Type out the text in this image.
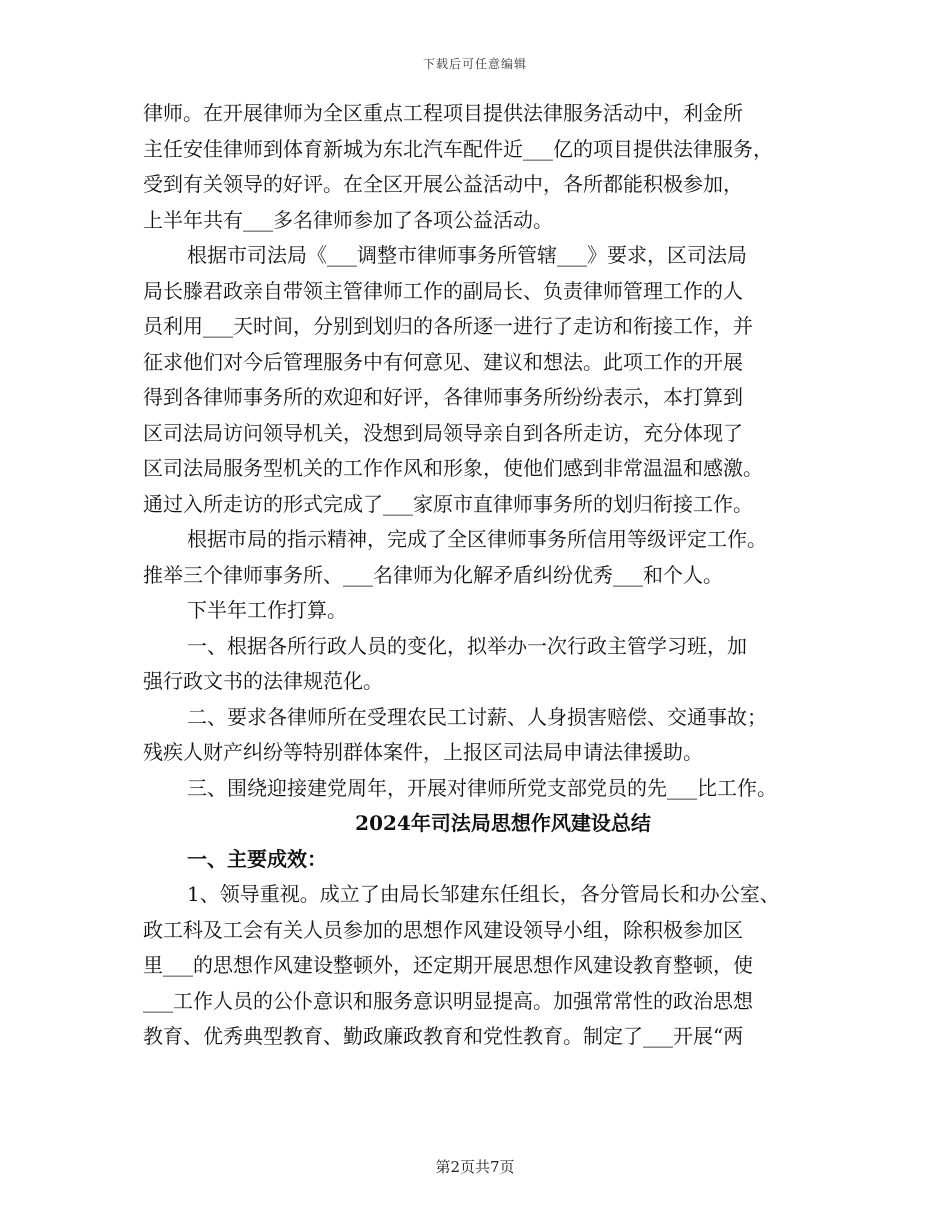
下载后可任意编辑
律师。在开展律师为全区重点工程项目提供法律服务活动中，利金所
主任安佳律师到体育新城为东北汽车配件近___亿的项目提供法律服务，
受到有关领导的好评。在全区开展公益活动中，各所都能积极参加，
上半年共有___多名律师参加了各项公益活动。
根据市司法局《___调整市律师事务所管辖___》要求，区司法局
局长滕君政亲自带领主管律师工作的副局长、负责律师管理工作的人
员利用___天时间，分别到划归的各所逐一进行了走访和衔接工作，并
征求他们对今后管理服务中有何意见、建议和想法。此项工作的开展
得到各律师事务所的欢迎和好评，各律师事务所纷纷表示，本打算到
区司法局访问领导机关，没想到局领导亲自到各所走访，充分体现了
区司法局服务型机关的工作作风和形象，使他们感到非常温温和感激。
通过入所走访的形式完成了___家原市直律师事务所的划归衔接工作。
根据市局的指示精神，完成了全区律师事务所信用等级评定工作。
推举三个律师事务所、___名律师为化解矛盾纠纷优秀___和个人。
下半年工作打算。
一、根据各所行政人员的变化，拟举办一次行政主管学习班，加
强行政文书的法律规范化。
二、要求各律师所在受理农民工讨薪、人身损害赔偿、交通事故；
残疾人财产纠纷等特别群体案件，上报区司法局申请法律援助。
三、围绕迎接建党周年，开展对律师所党支部党员的先___比工作。
2024年司法局思想作风建设总结
一、主要成效：
1、领导重视。成立了由局长邹建东任组长，各分管局长和办公室、
政工科及工会有关人员参加的思想作风建设领导小组，除积极参加区
里___的思想作风建设整顿外，还定期开展思想作风建设教育整顿，使
___工作人员的公仆意识和服务意识明显提高。加强常常性的政治思想
教育、优秀典型教育、勤政廉政教育和党性教育。制定了___开展“两
第2页共7页
